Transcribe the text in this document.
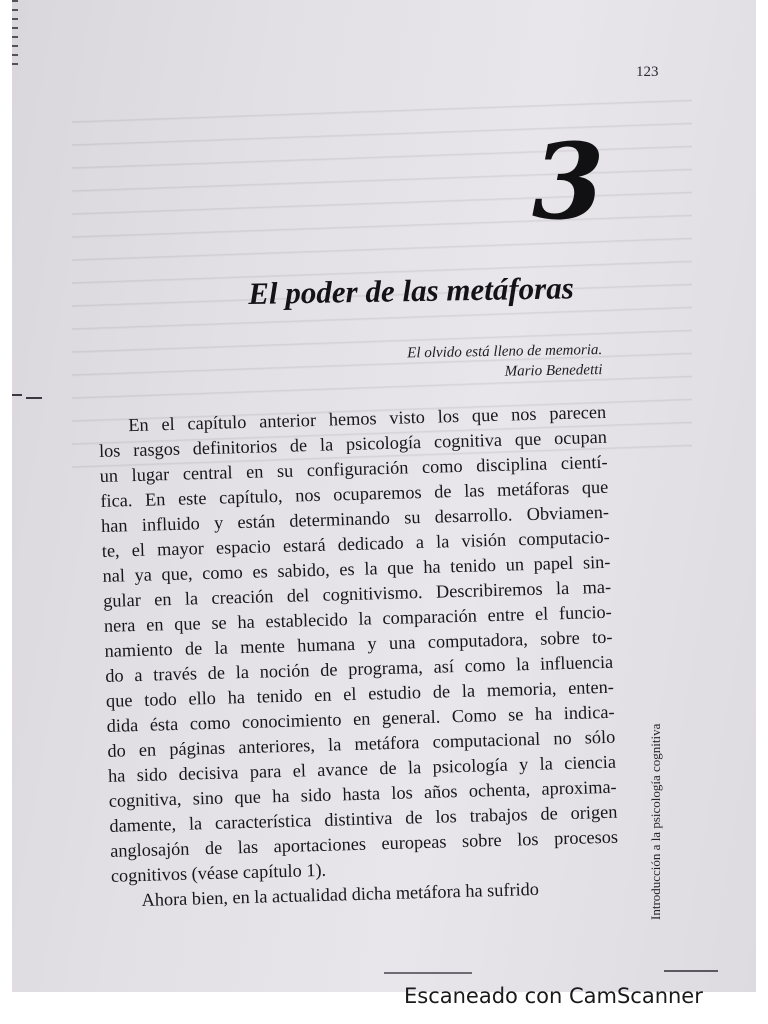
123
3
El poder de las metáforas
El olvido está lleno de memoria.
Mario Benedetti
En el capítulo anterior hemos visto los que nos parecen
los rasgos definitorios de la psicología cognitiva que ocupan
un lugar central en su configuración como disciplina cientí-
fica. En este capítulo, nos ocuparemos de las metáforas que
han influido y están determinando su desarrollo. Obviamen-
te, el mayor espacio estará dedicado a la visión computacio-
nal ya que, como es sabido, es la que ha tenido un papel sin-
gular en la creación del cognitivismo. Describiremos la ma-
nera en que se ha establecido la comparación entre el funcio-
namiento de la mente humana y una computadora, sobre to-
do a través de la noción de programa, así como la influencia
que todo ello ha tenido en el estudio de la memoria, enten-
dida ésta como conocimiento en general. Como se ha indica-
do en páginas anteriores, la metáfora computacional no sólo
ha sido decisiva para el avance de la psicología y la ciencia
cognitiva, sino que ha sido hasta los años ochenta, aproxima-
damente, la característica distintiva de los trabajos de origen
anglosajón de las aportaciones europeas sobre los procesos
cognitivos (véase capítulo 1).
Ahora bien, en la actualidad dicha metáfora ha sufrido	Introducción a la psicología cognitiva
Escaneado con CamScanner
